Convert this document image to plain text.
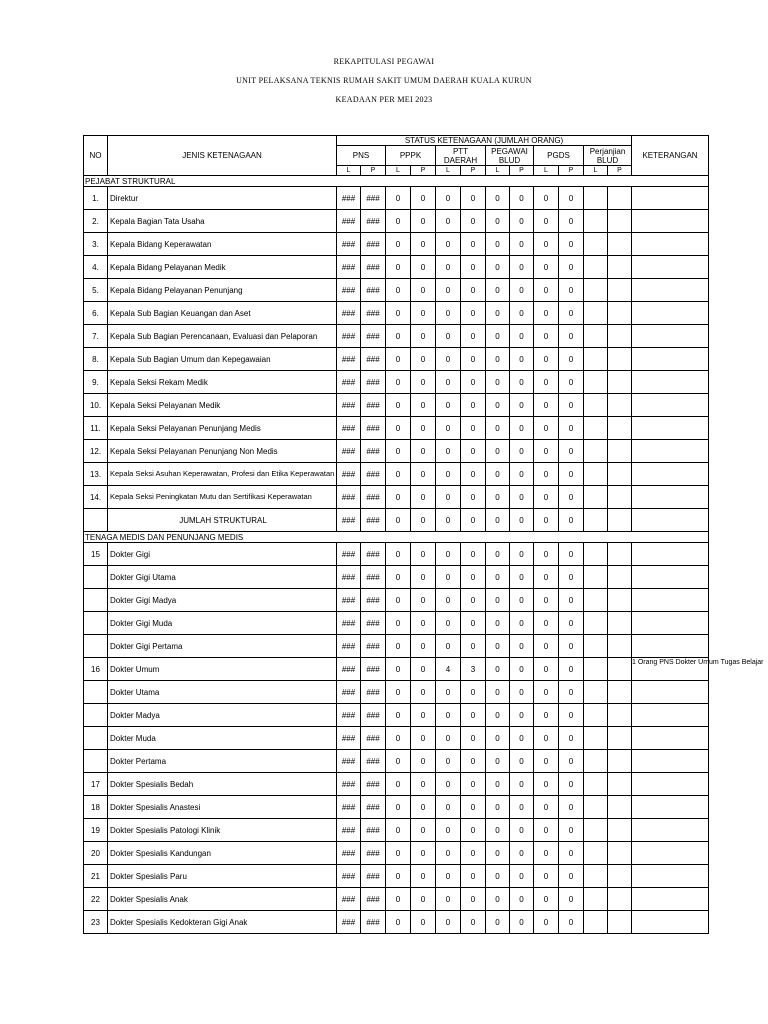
REKAPITULASI PEGAWAI
UNIT PELAKSANA TEKNIS RUMAH SAKIT UMUM DAERAH KUALA KURUN
KEADAAN PER MEI 2023
NO	JENIS KETENAGAAN	STATUS KETENAGAAN (JUMLAH ORANG)												KETERANGAN
		PNS		PPPK		PTT DAERAH		PEGAWAI BLUD		PGDS		Perjanjian BLUD		
		L	P	L	P	L	P	L	P	L	P	L	P	
PEJABAT STRUKTURAL														
1.	Direktur	###	###	0	0	0	0	0	0	0	0			
2.	Kepala Bagian Tata Usaha	###	###	0	0	0	0	0	0	0	0			
3.	Kepala Bidang Keperawatan	###	###	0	0	0	0	0	0	0	0			
4.	Kepala Bidang Pelayanan Medik	###	###	0	0	0	0	0	0	0	0			
5.	Kepala Bidang Pelayanan Penunjang	###	###	0	0	0	0	0	0	0	0			
6.	Kepala Sub Bagian Keuangan dan Aset	###	###	0	0	0	0	0	0	0	0			
7.	Kepala Sub Bagian Perencanaan, Evaluasi dan Pelaporan	###	###	0	0	0	0	0	0	0	0			
8.	Kepala Sub Bagian Umum dan Kepegawaian	###	###	0	0	0	0	0	0	0	0			
9.	Kepala Seksi Rekam Medik	###	###	0	0	0	0	0	0	0	0			
10.	Kepala Seksi Pelayanan Medik	###	###	0	0	0	0	0	0	0	0			
11.	Kepala Seksi Pelayanan Penunjang Medis	###	###	0	0	0	0	0	0	0	0			
12.	Kepala Seksi Pelayanan Penunjang Non Medis	###	###	0	0	0	0	0	0	0	0			
13.	Kepala Seksi Asuhan Keperawatan, Profesi dan Etika Keperawatan	###	###	0	0	0	0	0	0	0	0			
14.	Kepala Seksi Peningkatan Mutu dan Sertifikasi Keperawatan	###	###	0	0	0	0	0	0	0	0			
	JUMLAH STRUKTURAL	###	###	0	0	0	0	0	0	0	0			
TENAGA MEDIS DAN PENUNJANG MEDIS														
15	Dokter Gigi	###	###	0	0	0	0	0	0	0	0			
	Dokter Gigi Utama	###	###	0	0	0	0	0	0	0	0			
	Dokter Gigi Madya	###	###	0	0	0	0	0	0	0	0			
	Dokter Gigi Muda	###	###	0	0	0	0	0	0	0	0			
	Dokter Gigi Pertama	###	###	0	0	0	0	0	0	0	0			
16	Dokter Umum	###	###	0	0	4	3	0	0	0	0			1 Orang PNS Dokter Umum Tugas Belajar
	Dokter Utama	###	###	0	0	0	0	0	0	0	0			
	Dokter Madya	###	###	0	0	0	0	0	0	0	0			
	Dokter Muda	###	###	0	0	0	0	0	0	0	0			
	Dokter Pertama	###	###	0	0	0	0	0	0	0	0			
17	Dokter Spesialis Bedah	###	###	0	0	0	0	0	0	0	0			
18	Dokter Spesialis Anastesi	###	###	0	0	0	0	0	0	0	0			
19	Dokter Spesialis Patologi Klinik	###	###	0	0	0	0	0	0	0	0			
20	Dokter Spesialis Kandungan	###	###	0	0	0	0	0	0	0	0			
21	Dokter Spesialis Paru	###	###	0	0	0	0	0	0	0	0			
22	Dokter Spesialis Anak	###	###	0	0	0	0	0	0	0	0			
23	Dokter Spesialis Kedokteran Gigi Anak	###	###	0	0	0	0	0	0	0	0			
